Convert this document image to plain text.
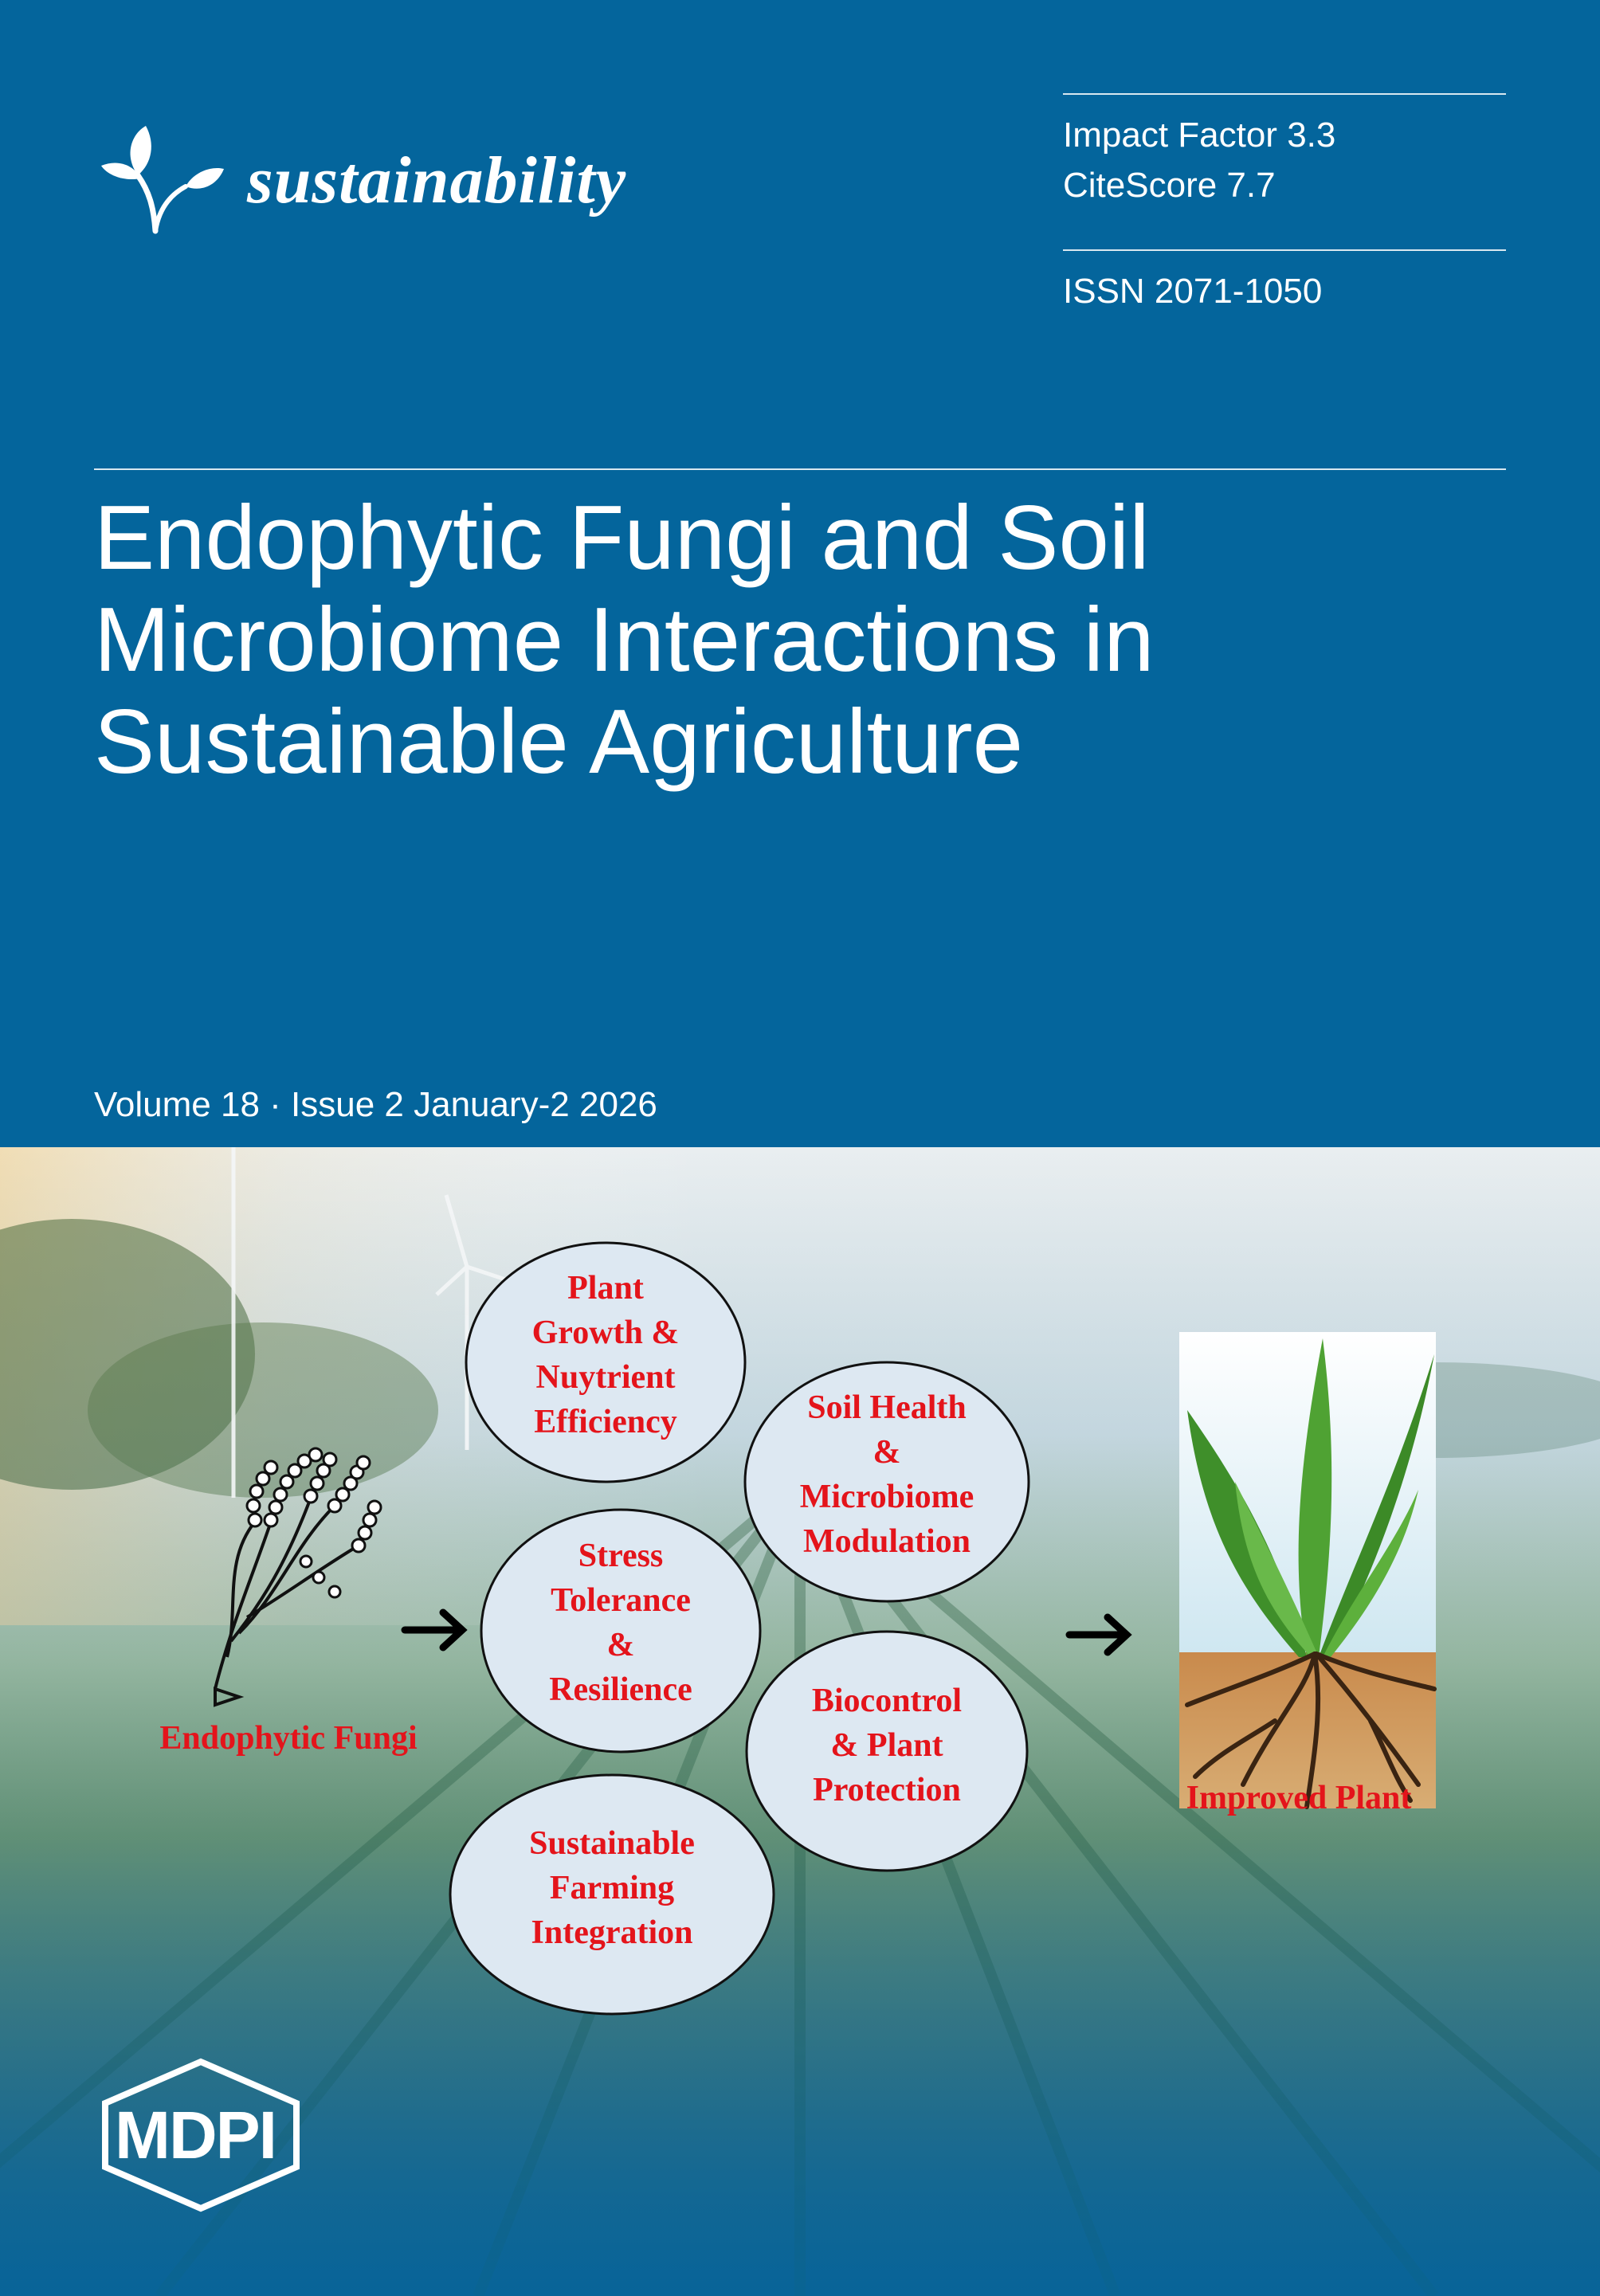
sustainability
Impact Factor 3.3
CiteScore 7.7
ISSN 2071-1050
Endophytic Fungi and Soil
Microbiome Interactions in
Sustainable Agriculture
Volume 18 · Issue 2 January-2 2026
Endophytic Fungi
Plant
Growth &
Nuytrient
Efficiency	Soil Health
&
Microbiome
Modulation
Stress
Tolerance
&
Resilience	Biocontrol
& Plant
Protection
Sustainable
Farming
Integration
Improved Plant
MDPI
